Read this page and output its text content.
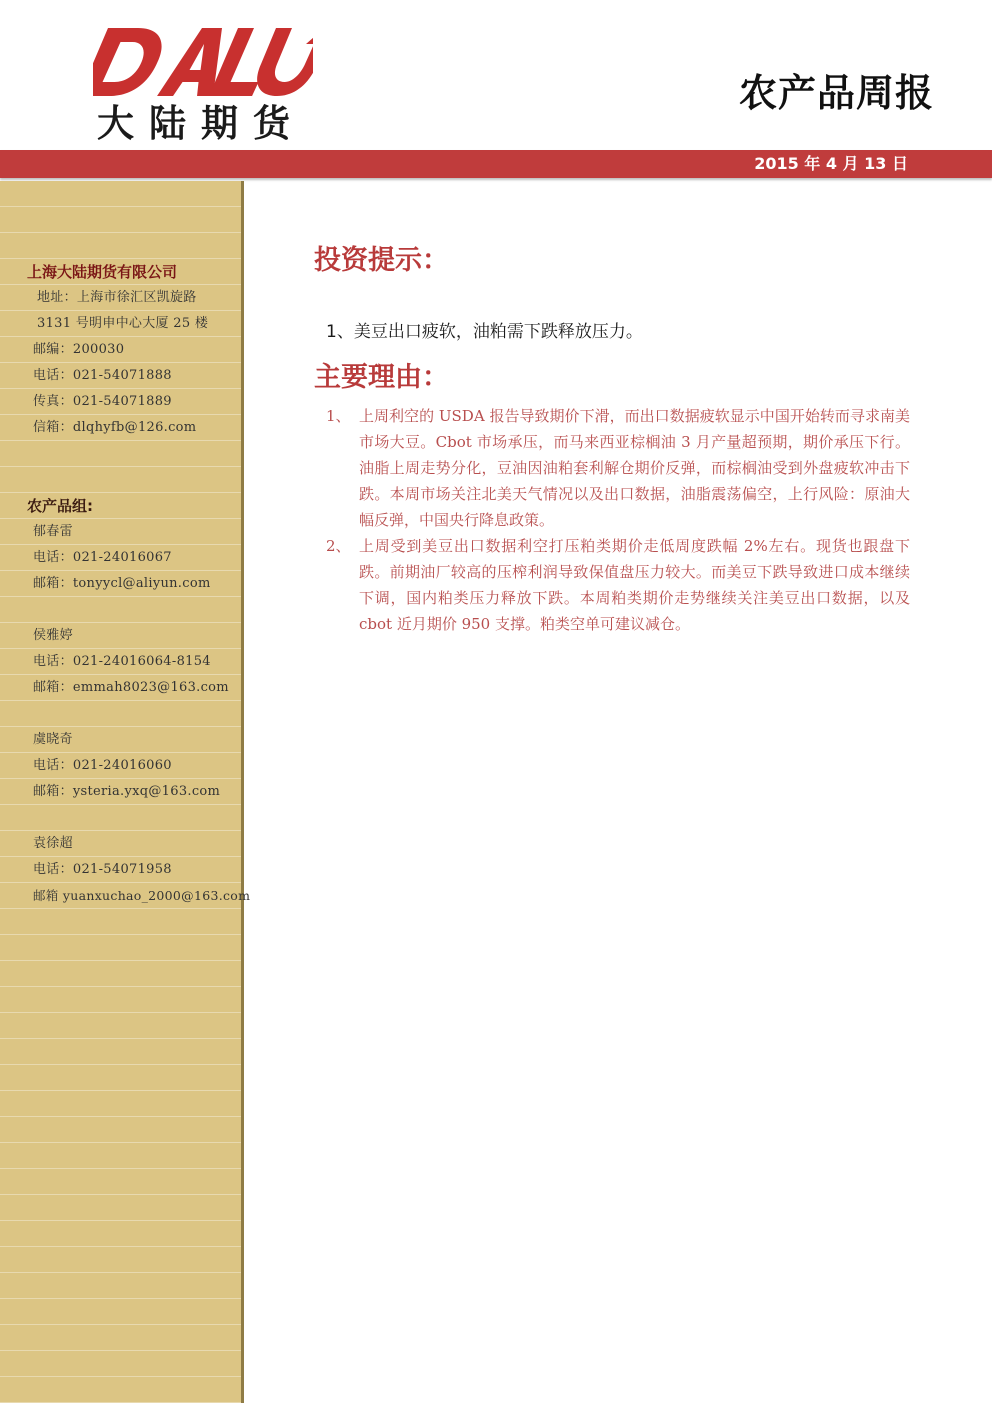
大陆期货
农产品周报
2015 年 4 月 13 日
上海大陆期货有限公司
地址：上海市徐汇区凯旋路
3131 号明申中心大厦 25 楼
邮编：200030
电话：021-54071888
传真：021-54071889
信箱：dlqhyfb@126.com
农产品组:
郁春雷
电话：021-24016067
邮箱：tonyycl@aliyun.com
侯雅婷
电话：021-24016064-8154
邮箱：emmah8023@163.com
虞晓奇
电话：021-24016060
邮箱：ysteria.yxq@163.com
袁徐超
电话：021-54071958
邮箱 yuanxuchao_2000@163.com
投资提示：
1、美豆出口疲软，油粕需下跌释放压力。
主要理由：
1、 上周利空的 USDA 报告导致期价下滑，而出口数据疲软显示中国开始转而寻求南美市场大豆。Cbot 市场承压，而马来西亚棕榈油 3 月产量超预期，期价承压下行。油脂上周走势分化，豆油因油粕套利解仓期价反弹，而棕榈油受到外盘疲软冲击下跌。本周市场关注北美天气情况以及出口数据，油脂震荡偏空，上行风险：原油大幅反弹，中国央行降息政策。
2、 上周受到美豆出口数据利空打压粕类期价走低周度跌幅 2%左右。现货也跟盘下跌。前期油厂较高的压榨利润导致保值盘压力较大。而美豆下跌导致进口成本继续下调，国内粕类压力释放下跌。本周粕类期价走势继续关注美豆出口数据，以及 cbot 近月期价 950 支撑。粕类空单可建议减仓。
